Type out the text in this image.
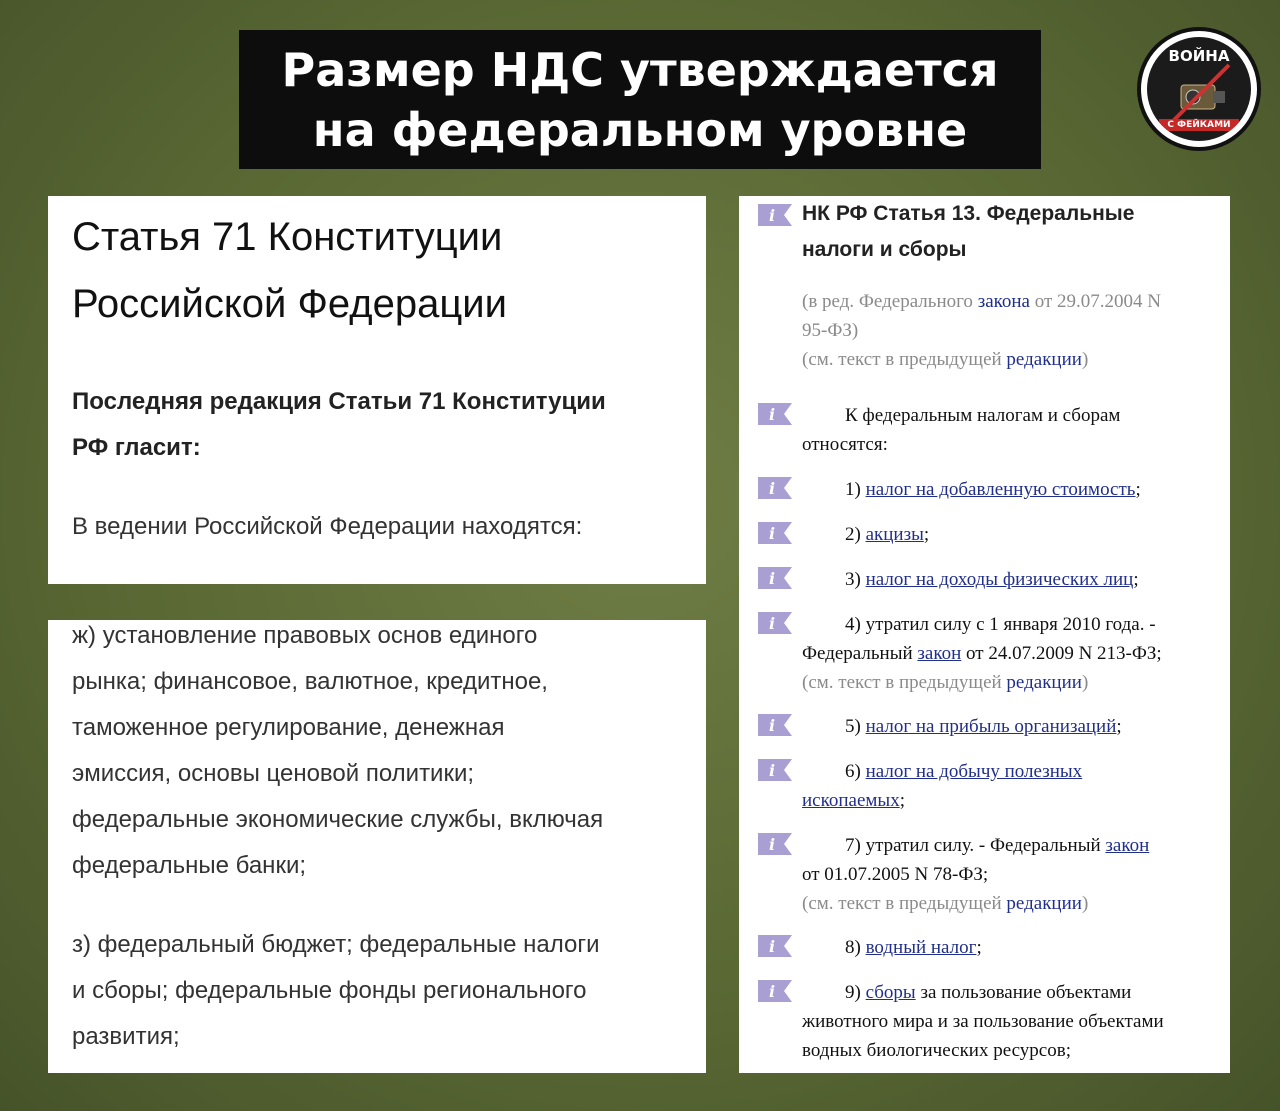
Размер НДС утверждается
на федеральном уровне
ВОЙНА
С ФЕЙКАМИ
Статья 71 Конституции
Российской Федерации
Последняя редакция Статьи 71 Конституции
РФ гласит:
В ведении Российской Федерации находятся:
ж) установление правовых основ единого
рынка; финансовое, валютное, кредитное,
таможенное регулирование, денежная
эмиссия, основы ценовой политики;
федеральные экономические службы, включая
федеральные банки;
з) федеральный бюджет; федеральные налоги
и сборы; федеральные фонды регионального
развития;
i НК РФ Статья 13. Федеральные
налоги и сборы
(в ред. Федерального закона от 29.07.2004 N
95-ФЗ)
(см. текст в предыдущей редакции)
i	К федеральным налогам и сборам
относятся:
i	1) налог на добавленную стоимость;
i	2) акцизы;
i	3) налог на доходы физических лиц;
i	4) утратил силу с 1 января 2010 года. -
Федеральный закон от 24.07.2009 N 213-ФЗ;
(см. текст в предыдущей редакции)
i	5) налог на прибыль организаций;
i	6) налог на добычу полезных
ископаемых;
i	7) утратил силу. - Федеральный закон
от 01.07.2005 N 78-ФЗ;
(см. текст в предыдущей редакции)
i	8) водный налог;
i	9) сборы за пользование объектами
животного мира и за пользование объектами
водных биологических ресурсов;
